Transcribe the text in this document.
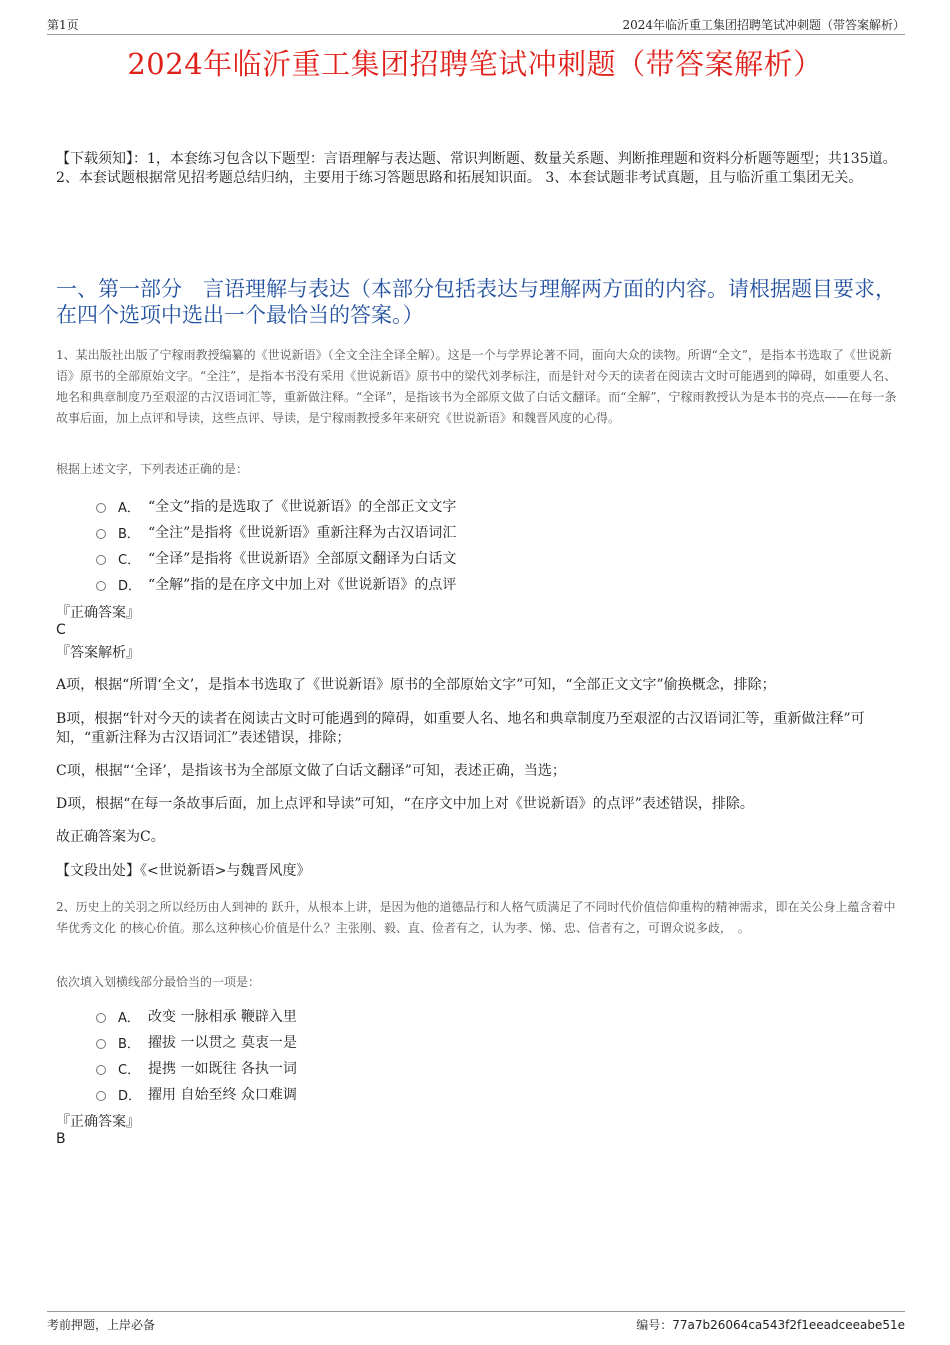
第1页	2024年临沂重工集团招聘笔试冲刺题（带答案解析）
2024年临沂重工集团招聘笔试冲刺题（带答案解析）
【下载须知】：1，本套练习包含以下题型：言语理解与表达题、常识判断题、数量关系题、判断推理题和资料分析题等题型；共135道。 2、本套试题根据常见招考题总结归纳，主要用于练习答题思路和拓展知识面。 3、本套试题非考试真题，且与临沂重工集团无关。
一、第一部分　言语理解与表达（本部分包括表达与理解两方面的内容。请根据题目要求，在四个选项中选出一个最恰当的答案。）
1、某出版社出版了宁稼雨教授编纂的《世说新语》（全文全注全译全解）。这是一个与学界论著不同，面向大众的读物。所谓“全文”，是指本书选取了《世说新语》原书的全部原始文字。“全注”，是指本书没有采用《世说新语》原书中的梁代刘孝标注，而是针对今天的读者在阅读古文时可能遇到的障碍，如重要人名、地名和典章制度乃至艰涩的古汉语词汇等，重新做注释。“全译”，是指该书为全部原文做了白话文翻译。而“全解”，宁稼雨教授认为是本书的亮点——在每一条故事后面，加上点评和导读，这些点评、导读，是宁稼雨教授多年来研究《世说新语》和魏晋风度的心得。
根据上述文字，下列表述正确的是：
A． “全文”指的是选取了《世说新语》的全部正文文字
B． “全注”是指将《世说新语》重新注释为古汉语词汇
C． “全译”是指将《世说新语》全部原文翻译为白话文
D． “全解”指的是在序文中加上对《世说新语》的点评
『正确答案』
C
『答案解析』
A项，根据“所谓‘全文’，是指本书选取了《世说新语》原书的全部原始文字”可知，“全部正文文字”偷换概念，排除；
B项，根据“针对今天的读者在阅读古文时可能遇到的障碍，如重要人名、地名和典章制度乃至艰涩的古汉语词汇等，重新做注释”可知，“重新注释为古汉语词汇”表述错误，排除；
C项，根据“‘全译’，是指该书为全部原文做了白话文翻译”可知，表述正确，当选；
D项，根据“在每一条故事后面，加上点评和导读”可知，“在序文中加上对《世说新语》的点评”表述错误，排除。
故正确答案为C。
【文段出处】《<世说新语>与魏晋风度》
2、历史上的关羽之所以经历由人到神的 跃升，从根本上讲，是因为他的道德品行和人格气质满足了不同时代价值信仰重构的精神需求，即在关公身上蕴含着中华优秀文化 的核心价值。那么这种核心价值是什么？主张刚、毅、直、俭者有之，认为孝、悌、忠、信者有之，可谓众说多歧，　。
依次填入划横线部分最恰当的一项是：
A． 改变 一脉相承 鞭辟入里
B． 擢拔 一以贯之 莫衷一是
C． 提携 一如既往 各执一词
D． 擢用 自始至终 众口难调
『正确答案』
B
考前押题，上岸必备	编号：77a7b26064ca543f2f1eeadceeabe51e
